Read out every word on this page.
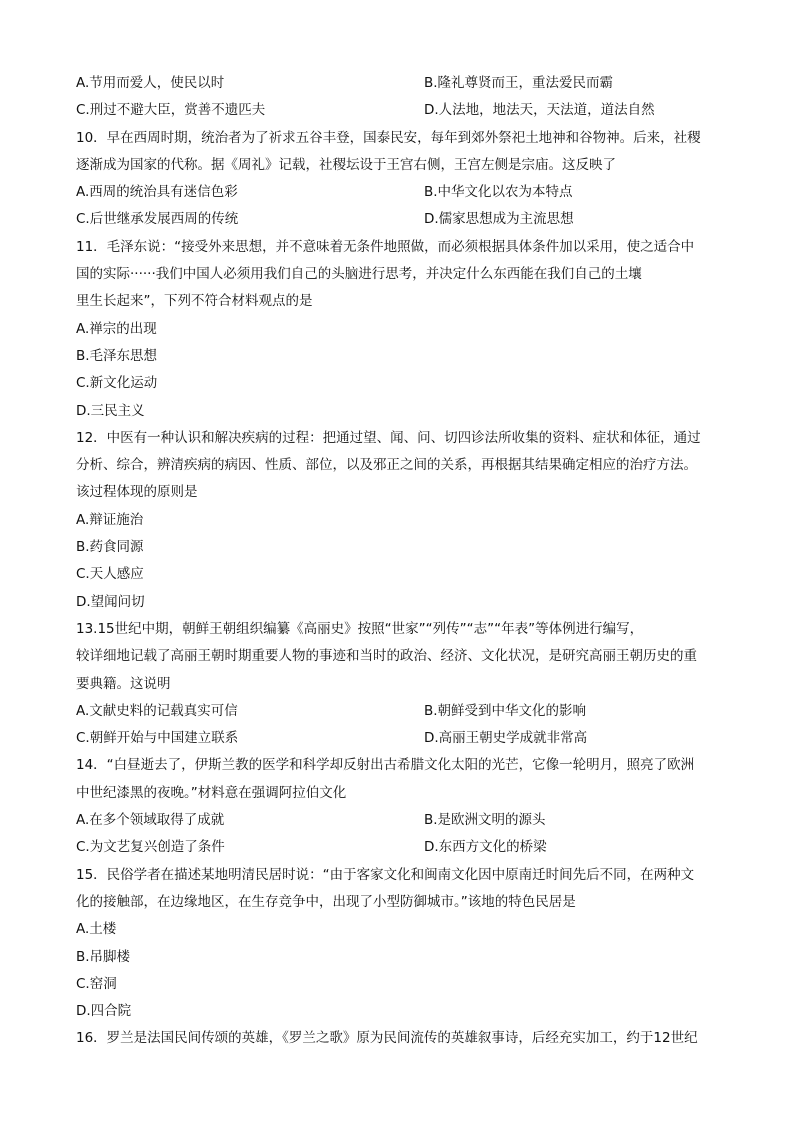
A.节用而爱人，使民以时	B.隆礼尊贤而王，重法爱民而霸
C.刑过不避大臣，赏善不遗匹夫	D.人法地，地法天，天法道，道法自然
10．早在西周时期，统治者为了祈求五谷丰登，国泰民安，每年到郊外祭祀土地神和谷物神。后来，社稷
逐渐成为国家的代称。据《周礼》记载，社稷坛设于王宫右侧，王宫左侧是宗庙。这反映了
A.西周的统治具有迷信色彩	B.中华文化以农为本特点
C.后世继承发展西周的传统	D.儒家思想成为主流思想
11．毛泽东说：“接受外来思想，并不意味着无条件地照做，而必须根据具体条件加以采用，使之适合中
国的实际······我们中国人必须用我们自己的头脑进行思考，并决定什么东西能在我们自己的土壤
里生长起来”，下列不符合材料观点的是
A.禅宗的出现
B.毛泽东思想
C.新文化运动
D.三民主义
12．中医有一种认识和解决疾病的过程：把通过望、闻、问、切四诊法所收集的资料、症状和体征，通过
分析、综合，辨清疾病的病因、性质、部位，以及邪正之间的关系，再根据其结果确定相应的治疗方法。
该过程体现的原则是
A.辩证施治
B.药食同源
C.天人感应
D.望闻问切
13.15世纪中期，朝鲜王朝组织编纂《高丽史》按照“世家”“列传”“志”“年表”等体例进行编写，
较详细地记载了高丽王朝时期重要人物的事迹和当时的政治、经济、文化状况，是研究高丽王朝历史的重
要典籍。这说明
A.文献史料的记载真实可信	B.朝鲜受到中华文化的影响
C.朝鲜开始与中国建立联系	D.高丽王朝史学成就非常高
14．“白昼逝去了，伊斯兰教的医学和科学却反射出古希腊文化太阳的光芒，它像一轮明月，照亮了欧洲
中世纪漆黑的夜晚。”材料意在强调阿拉伯文化
A.在多个领域取得了成就	B.是欧洲文明的源头
C.为文艺复兴创造了条件	D.东西方文化的桥梁
15．民俗学者在描述某地明清民居时说：“由于客家文化和闽南文化因中原南迁时间先后不同，在两种文
化的接触部，在边缘地区，在生存竞争中，出现了小型防御城市。”该地的特色民居是
A.土楼
B.吊脚楼
C.窑洞
D.四合院
16．罗兰是法国民间传颂的英雄，《罗兰之歌》原为民间流传的英雄叙事诗，后经充实加工，约于12世纪
